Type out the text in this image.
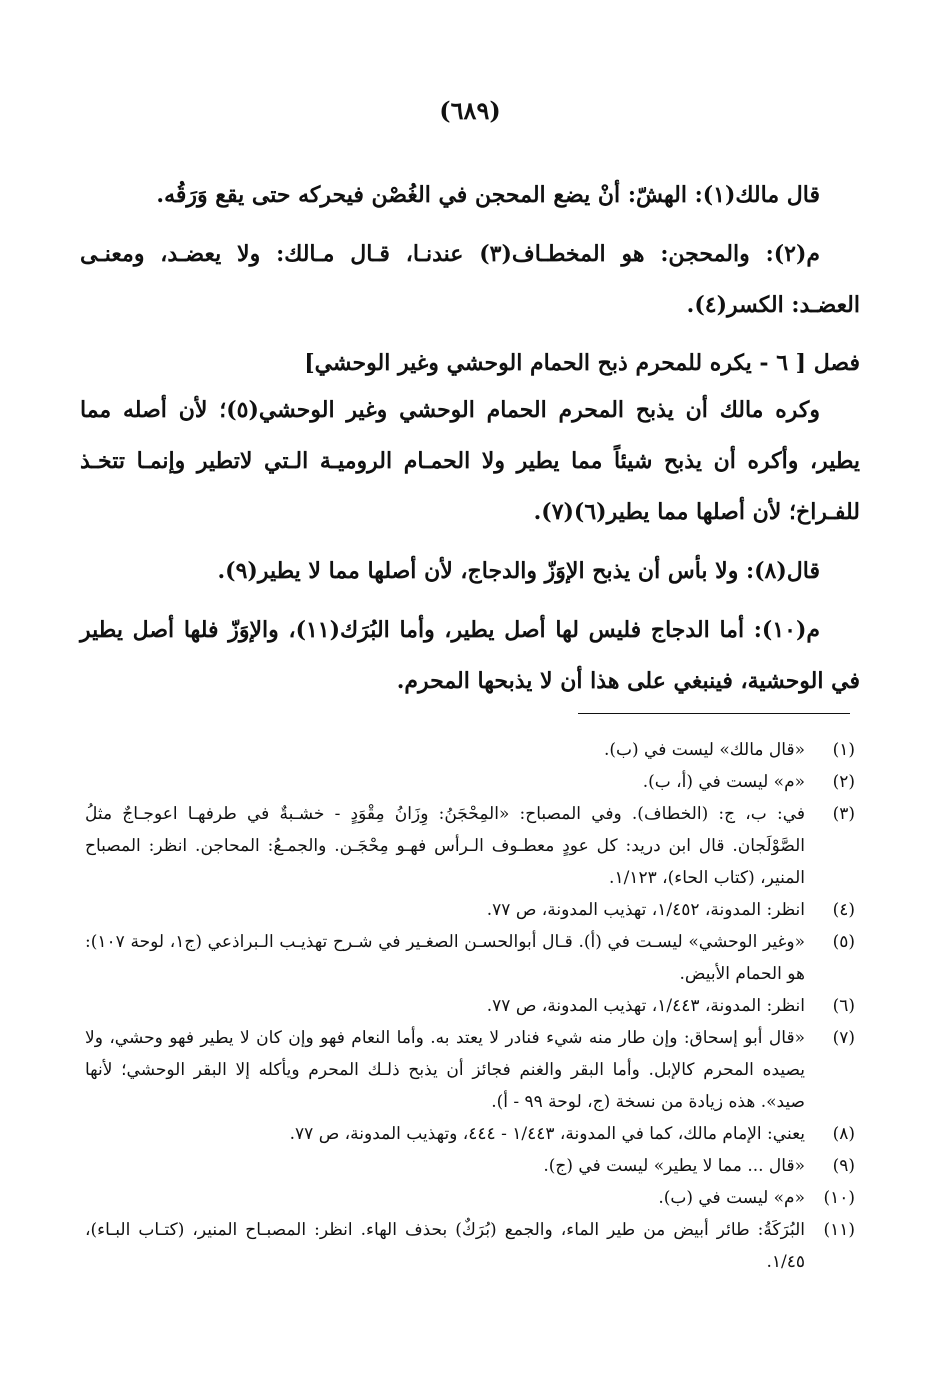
(٦٨٩)

قال مالك(١): الهشّ: أنْ يضع المحجن في الغُصْن فيحركه حتى يقع وَرَقُه.

م(٢): والمحجن: هو المخطـاف(٣) عندنـا، قـال مـالك: ولا يعضـد، ومعنـى العضـد: الكسر(٤).

فصل [ ٦ - يكره للمحرم ذبح الحمام الوحشي وغير الوحشي]

وكره مالك أن يذبح المحرم الحمام الوحشي وغير الوحشي(٥)؛ لأن أصله مما يطير، وأكره أن يذبح شيئاً مما يطير ولا الحمـام الروميـة الـتي لاتطير وإنمـا تتخـذ للفـراخ؛ لأن أصلها مما يطير(٦)(٧).

قال(٨): ولا بأس أن يذبح الإوَزّ والدجاج، لأن أصلها مما لا يطير(٩).

م(١٠): أما الدجاج فليس لها أصل يطير، وأما البُرَك(١١)، والإوَزّ فلها أصل يطير في الوحشية، فينبغي على هذا أن لا يذبحها المحرم.

(١)
«قال مالك» ليست في (ب).
(٢)
«م» ليست في (أ، ب).
(٣)
في: ب، ج: (الخطاف). وفي المصباح: «المِحْجَنُ: وِزَانُ مِقْوَدٍ - خشـبةٌ في طرفهـا اعوجـاجٌ مثلُ الصَّوْلَجان. قال ابن دريد: كل عودٍ معطـوف الـرأس فهـو مِحْجَـن. والجمـعُ: المحاجن. انظر: المصباح المنير، (كتاب الحاء)، ١/١٢٣.
(٤)
انظر: المدونة، ١/٤٥٢، تهذيب المدونة، ص ٧٧.
(٥)
«وغير الوحشي» ليسـت في (أ). قـال أبوالحسـن الصغـير في شـرح تهذيـب الـبراذعي (ج١، لوحة ١٠٧): هو الحمام الأبيض.
(٦)
انظر: المدونة، ١/٤٤٣، تهذيب المدونة، ص ٧٧.
(٧)
«قال أبو إسحاق: وإن طار منه شيء فنادر لا يعتد به. وأما النعام فهو وإن كان لا يطير فهو وحشي، ولا يصيده المحرم كالإبل. وأما البقر والغنم فجائز أن يذبح ذلـك المحرم ويأكله إلا البقر الوحشي؛ لأنها صيد». هذه زيادة من نسخة (ج، لوحة ٩٩ - أ).
(٨)
يعني: الإمام مالك، كما في المدونة، ١/٤٤٣ - ٤٤٤، وتهذيب المدونة، ص ٧٧.
(٩)
«قال ... مما لا يطير» ليست في (ج).
(١٠)
«م» ليست في (ب).
(١١)
البُرَكَةُ: طائر أبيض من طير الماء، والجمع (بُرَكٌ) بحذف الهاء. انظر: المصبـاح المنير، (كتـاب البـاء)، ١/٤٥.
